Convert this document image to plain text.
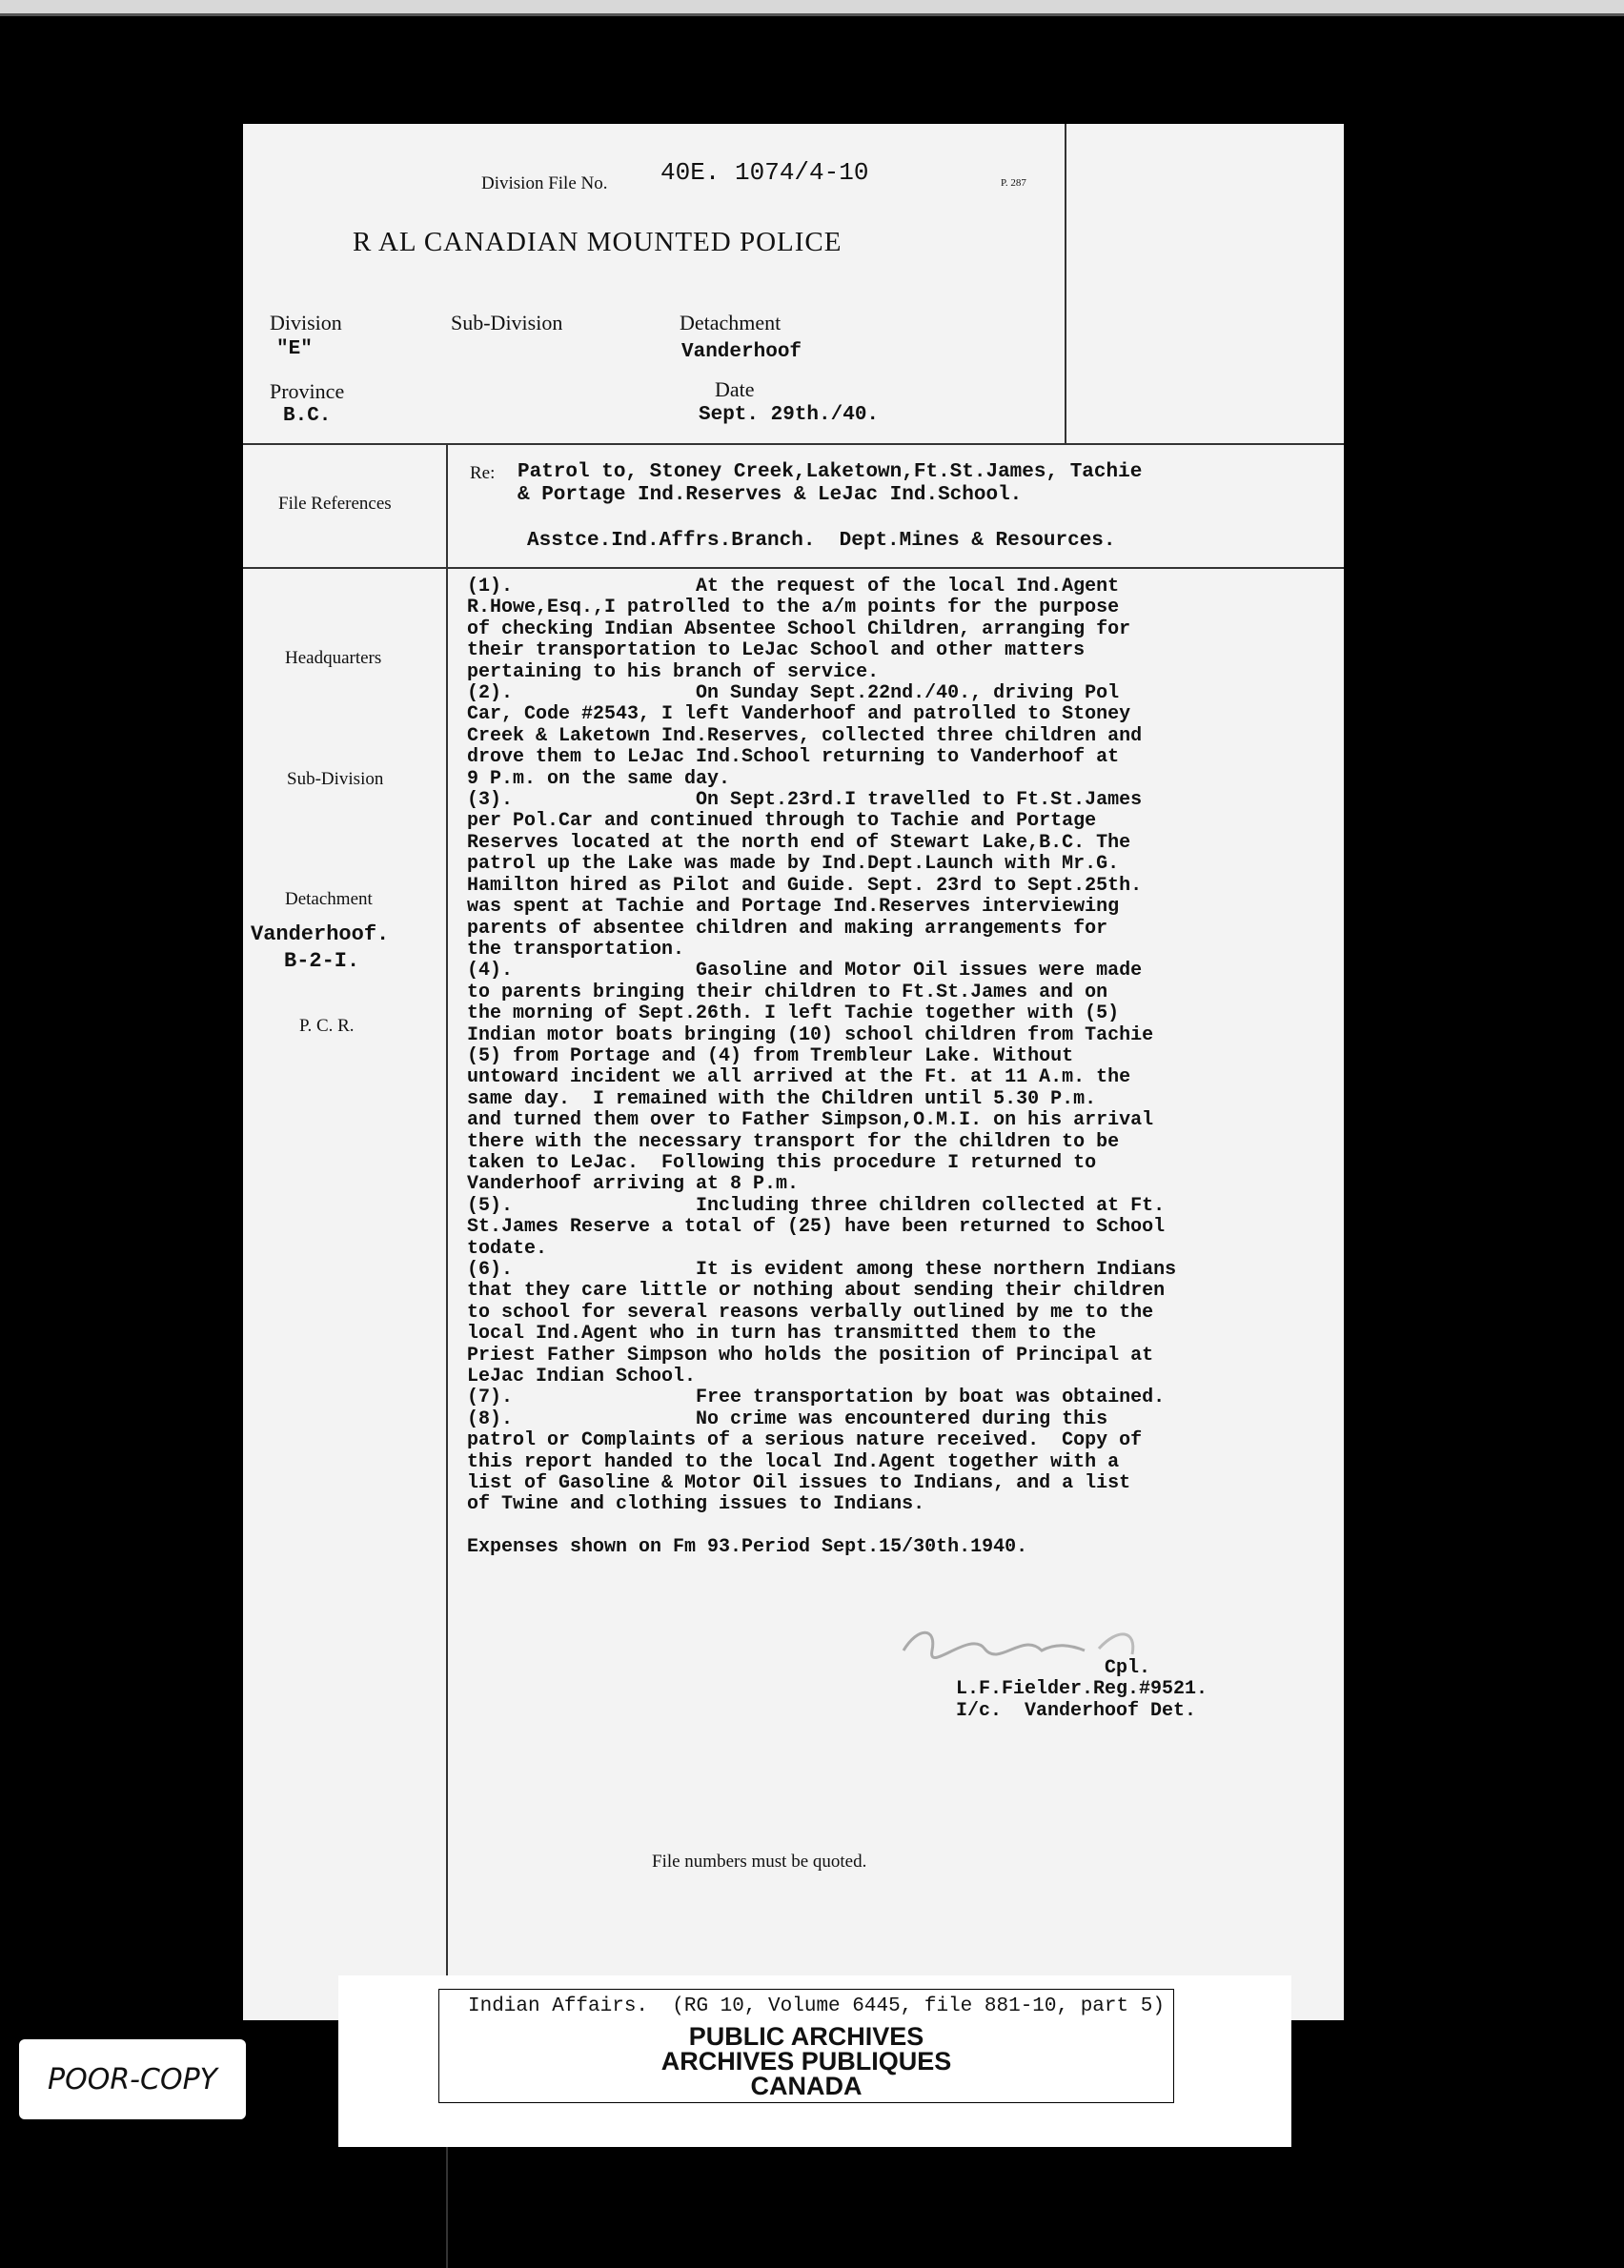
Division File No. 40E. 1074/4-10	P. 287
R AL CANADIAN MOUNTED POLICE
Division
"E"
Sub-Division	Detachment
Vanderhoof
Province
B.C.
Date
Sept. 29th./40.
File References
Re: Patrol to, Stoney Creek,Laketown,Ft.St.James, Tachie
& Portage Ind.Reserves & LeJac Ind.School.
Asstce.Ind.Affrs.Branch.  Dept.Mines & Resources.
Headquarters
Sub-Division
Detachment
Vanderhoof.
B-2-I.
P. C. R.
(1).                At the request of the local Ind.Agent
R.Howe,Esq.,I patrolled to the a/m points for the purpose
of checking Indian Absentee School Children, arranging for
their transportation to LeJac School and other matters
pertaining to his branch of service.
(2).                On Sunday Sept.22nd./40., driving Pol
Car, Code #2543, I left Vanderhoof and patrolled to Stoney
Creek & Laketown Ind.Reserves, collected three children and
drove them to LeJac Ind.School returning to Vanderhoof at
9 P.m. on the same day.
(3).                On Sept.23rd.I travelled to Ft.St.James
per Pol.Car and continued through to Tachie and Portage
Reserves located at the north end of Stewart Lake,B.C. The
patrol up the Lake was made by Ind.Dept.Launch with Mr.G.
Hamilton hired as Pilot and Guide. Sept. 23rd to Sept.25th.
was spent at Tachie and Portage Ind.Reserves interviewing
parents of absentee children and making arrangements for
the transportation.
(4).                Gasoline and Motor Oil issues were made
to parents bringing their children to Ft.St.James and on
the morning of Sept.26th. I left Tachie together with (5)
Indian motor boats bringing (10) school children from Tachie
(5) from Portage and (4) from Trembleur Lake. Without
untoward incident we all arrived at the Ft. at 11 A.m. the
same day.  I remained with the Children until 5.30 P.m.
and turned them over to Father Simpson,O.M.I. on his arrival
there with the necessary transport for the children to be
taken to LeJac.  Following this procedure I returned to
Vanderhoof arriving at 8 P.m.
(5).                Including three children collected at Ft.
St.James Reserve a total of (25) have been returned to School
todate.
(6).                It is evident among these northern Indians
that they care little or nothing about sending their children
to school for several reasons verbally outlined by me to the
local Ind.Agent who in turn has transmitted them to the
Priest Father Simpson who holds the position of Principal at
LeJac Indian School.
(7).                Free transportation by boat was obtained.
(8).                No crime was encountered during this
patrol or Complaints of a serious nature received.  Copy of
this report handed to the local Ind.Agent together with a
list of Gasoline & Motor Oil issues to Indians, and a list
of Twine and clothing issues to Indians.
Expenses shown on Fm 93.Period Sept.15/30th.1940.
Cpl.
L.F.Fielder.Reg.#9521.
I/c.  Vanderhoof Det.
File numbers must be quoted.
Indian Affairs.  (RG 10, Volume 6445, file 881-10, part 5)
PUBLIC ARCHIVES
ARCHIVES PUBLIQUES
CANADA
POOR-COPY
